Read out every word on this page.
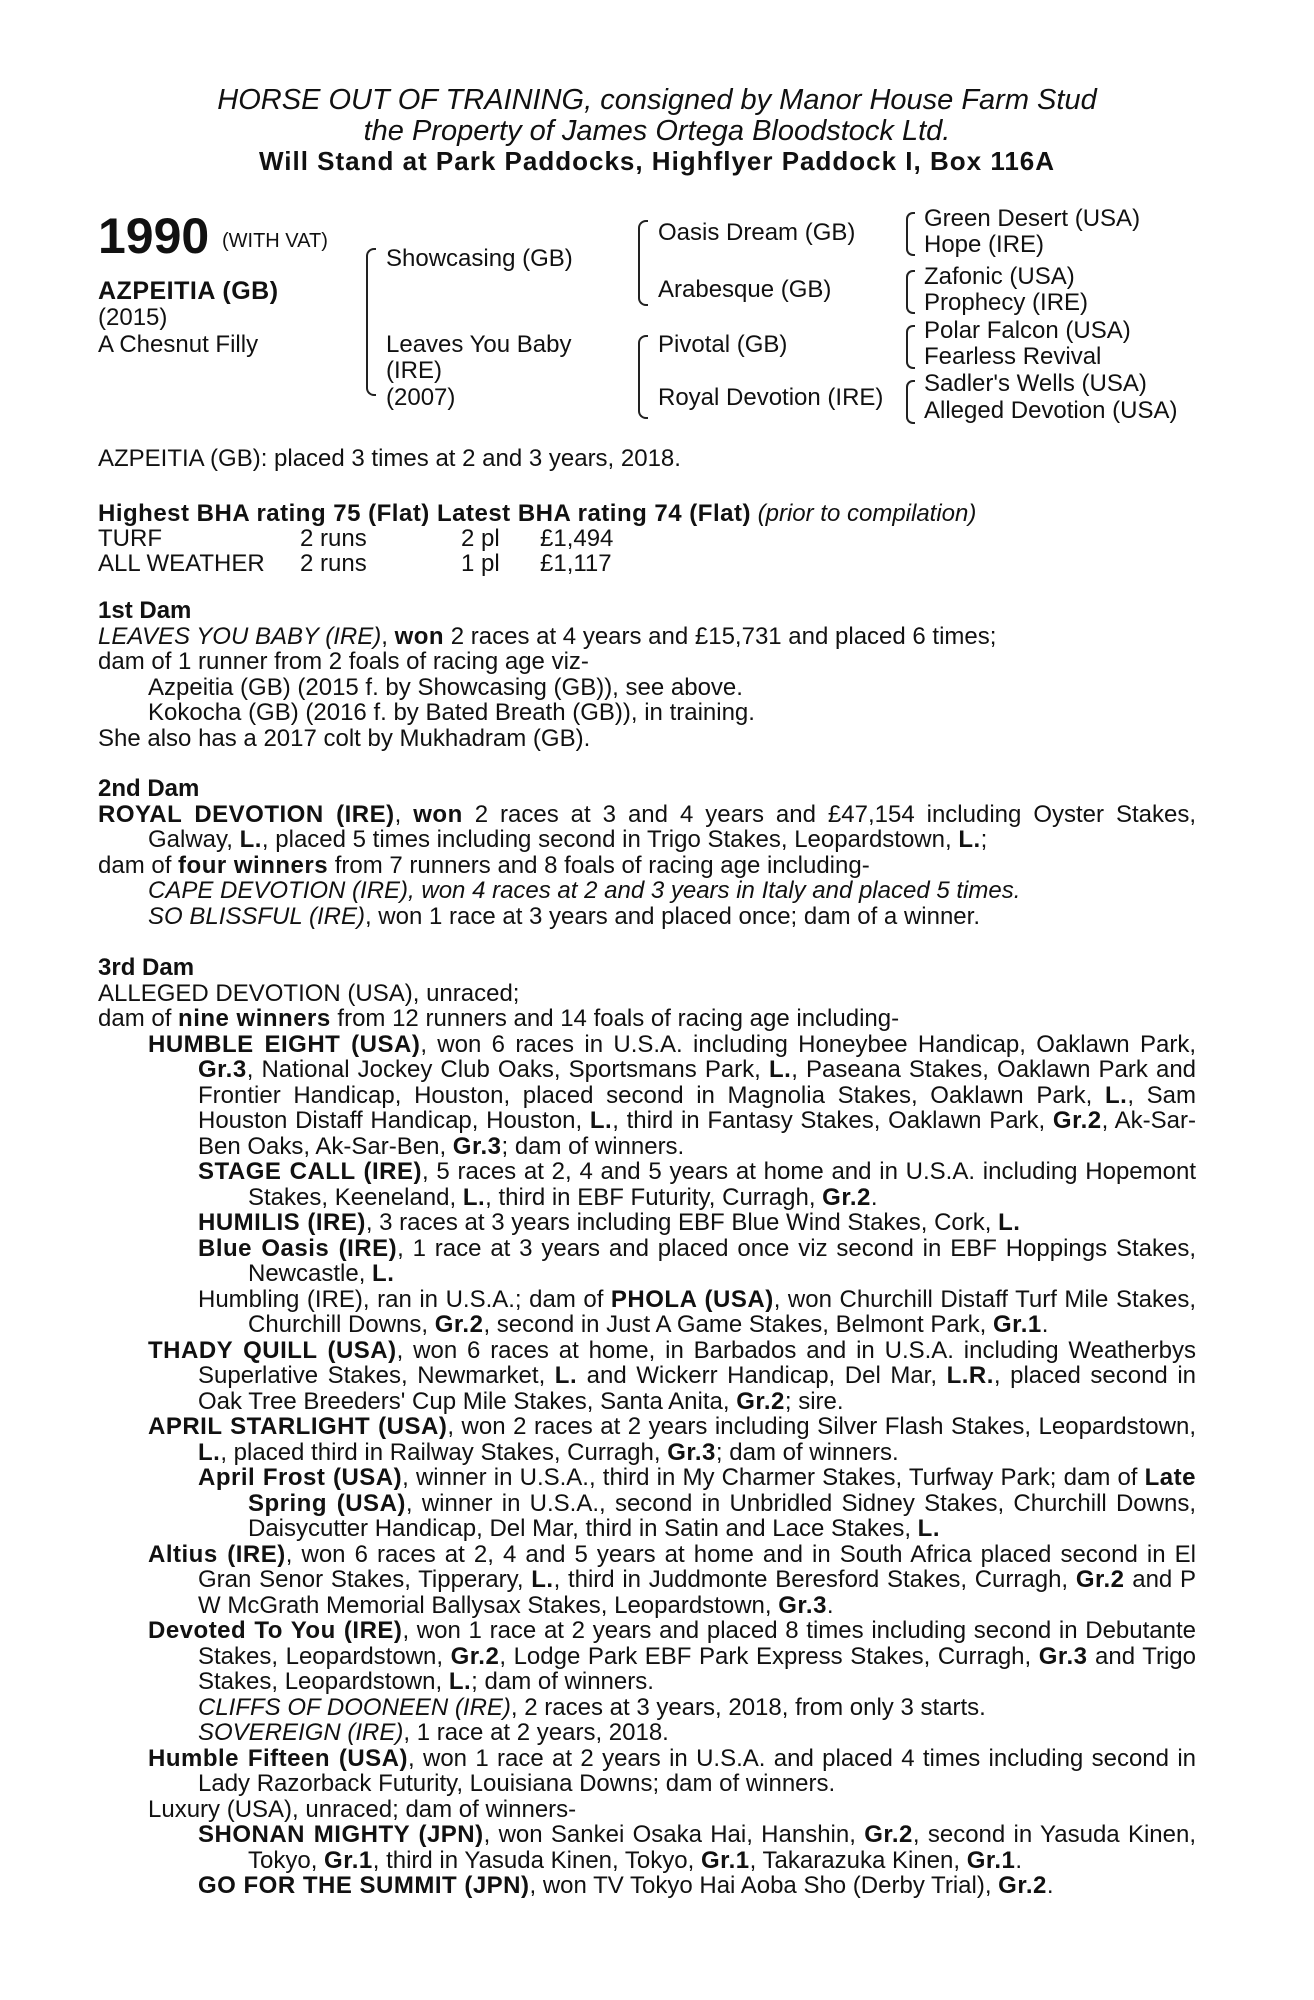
HORSE OUT OF TRAINING, consigned by Manor House Farm Stud
the Property of James Ortega Bloodstock Ltd.
Will Stand at Park Paddocks, Highflyer Paddock I, Box 116A
1990 (WITH VAT)
AZPEITIA (GB)
(2015)
A Chesnut Filly
Showcasing (GB)
Leaves You Baby
(IRE)
(2007)
Oasis Dream (GB)
Arabesque (GB)
Pivotal (GB)
Royal Devotion (IRE)
Green Desert (USA)
Hope (IRE)
Zafonic (USA)
Prophecy (IRE)
Polar Falcon (USA)
Fearless Revival
Sadler's Wells (USA)
Alleged Devotion (USA)
AZPEITIA (GB): placed 3 times at 2 and 3 years, 2018.
Highest BHA rating 75 (Flat) Latest BHA rating 74 (Flat) (prior to compilation)
TURF	2 runs	2 pl	£1,494
ALL WEATHER	2 runs	1 pl	£1,117

1st Dam

LEAVES YOU BABY (IRE), won 2 races at 4 years and £15,731 and placed 6 times;

dam of 1 runner from 2 foals of racing age viz-

Azpeitia (GB) (2015 f. by Showcasing (GB)), see above.

Kokocha (GB) (2016 f. by Bated Breath (GB)), in training.

She also has a 2017 colt by Mukhadram (GB).

2nd Dam

ROYAL DEVOTION (IRE), won 2 races at 3 and 4 years and £47,154 including Oyster Stakes, Galway, L., placed 5 times including second in Trigo Stakes, Leopardstown, L.;

dam of four winners from 7 runners and 8 foals of racing age including-

CAPE DEVOTION (IRE), won 4 races at 2 and 3 years in Italy and placed 5 times.

SO BLISSFUL (IRE), won 1 race at 3 years and placed once; dam of a winner.

3rd Dam

ALLEGED DEVOTION (USA), unraced;

dam of nine winners from 12 runners and 14 foals of racing age including-

HUMBLE EIGHT (USA), won 6 races in U.S.A. including Honeybee Handicap, Oaklawn Park, Gr.3, National Jockey Club Oaks, Sportsmans Park, L., Paseana Stakes, Oaklawn Park and Frontier Handicap, Houston, placed second in Magnolia Stakes, Oaklawn Park, L., Sam Houston Distaff Handicap, Houston, L., third in Fantasy Stakes, Oaklawn Park, Gr.2, Ak-Sar-Ben Oaks, Ak-Sar-Ben, Gr.3; dam of winners.

STAGE CALL (IRE), 5 races at 2, 4 and 5 years at home and in U.S.A. including Hopemont Stakes, Keeneland, L., third in EBF Futurity, Curragh, Gr.2.

HUMILIS (IRE), 3 races at 3 years including EBF Blue Wind Stakes, Cork, L.

Blue Oasis (IRE), 1 race at 3 years and placed once viz second in EBF Hoppings Stakes, Newcastle, L.

Humbling (IRE), ran in U.S.A.; dam of PHOLA (USA), won Churchill Distaff Turf Mile Stakes, Churchill Downs, Gr.2, second in Just A Game Stakes, Belmont Park, Gr.1.

THADY QUILL (USA), won 6 races at home, in Barbados and in U.S.A. including Weatherbys Superlative Stakes, Newmarket, L. and Wickerr Handicap, Del Mar, L.R., placed second in Oak Tree Breeders' Cup Mile Stakes, Santa Anita, Gr.2; sire.

APRIL STARLIGHT (USA), won 2 races at 2 years including Silver Flash Stakes, Leopardstown, L., placed third in Railway Stakes, Curragh, Gr.3; dam of winners.

April Frost (USA), winner in U.S.A., third in My Charmer Stakes, Turfway Park; dam of Late Spring (USA), winner in U.S.A., second in Unbridled Sidney Stakes, Churchill Downs, Daisycutter Handicap, Del Mar, third in Satin and Lace Stakes, L.

Altius (IRE), won 6 races at 2, 4 and 5 years at home and in South Africa placed second in El Gran Senor Stakes, Tipperary, L., third in Juddmonte Beresford Stakes, Curragh, Gr.2 and P W McGrath Memorial Ballysax Stakes, Leopardstown, Gr.3.

Devoted To You (IRE), won 1 race at 2 years and placed 8 times including second in Debutante Stakes, Leopardstown, Gr.2, Lodge Park EBF Park Express Stakes, Curragh, Gr.3 and Trigo Stakes, Leopardstown, L.; dam of winners.

CLIFFS OF DOONEEN (IRE), 2 races at 3 years, 2018, from only 3 starts.

SOVEREIGN (IRE), 1 race at 2 years, 2018.

Humble Fifteen (USA), won 1 race at 2 years in U.S.A. and placed 4 times including second in Lady Razorback Futurity, Louisiana Downs; dam of winners.

Luxury (USA), unraced; dam of winners-

SHONAN MIGHTY (JPN), won Sankei Osaka Hai, Hanshin, Gr.2, second in Yasuda Kinen, Tokyo, Gr.1, third in Yasuda Kinen, Tokyo, Gr.1, Takarazuka Kinen, Gr.1.

GO FOR THE SUMMIT (JPN), won TV Tokyo Hai Aoba Sho (Derby Trial), Gr.2.
